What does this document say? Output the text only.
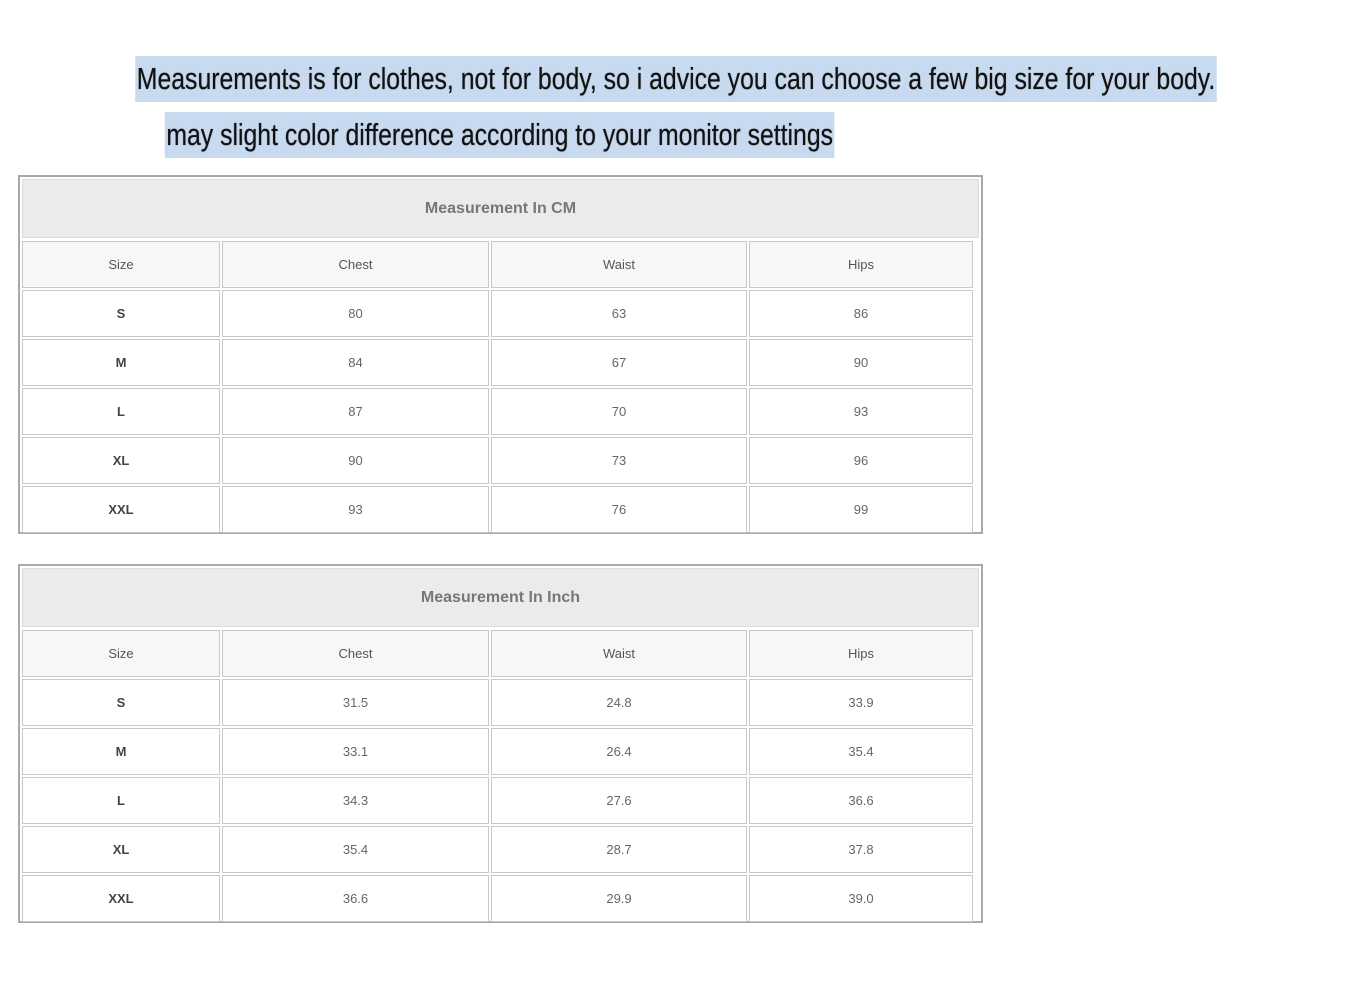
Measurements is for clothes, not for body, so i advice you can choose a few big size for your body.
may slight color difference according to your monitor settings
Measurement In CM
Size	Chest	Waist	Hips
S	80	63	86
M	84	67	90
L	87	70	93
XL	90	73	96
XXL	93	76	99
Measurement In Inch
Size	Chest	Waist	Hips
S	31.5	24.8	33.9
M	33.1	26.4	35.4
L	34.3	27.6	36.6
XL	35.4	28.7	37.8
XXL	36.6	29.9	39.0
